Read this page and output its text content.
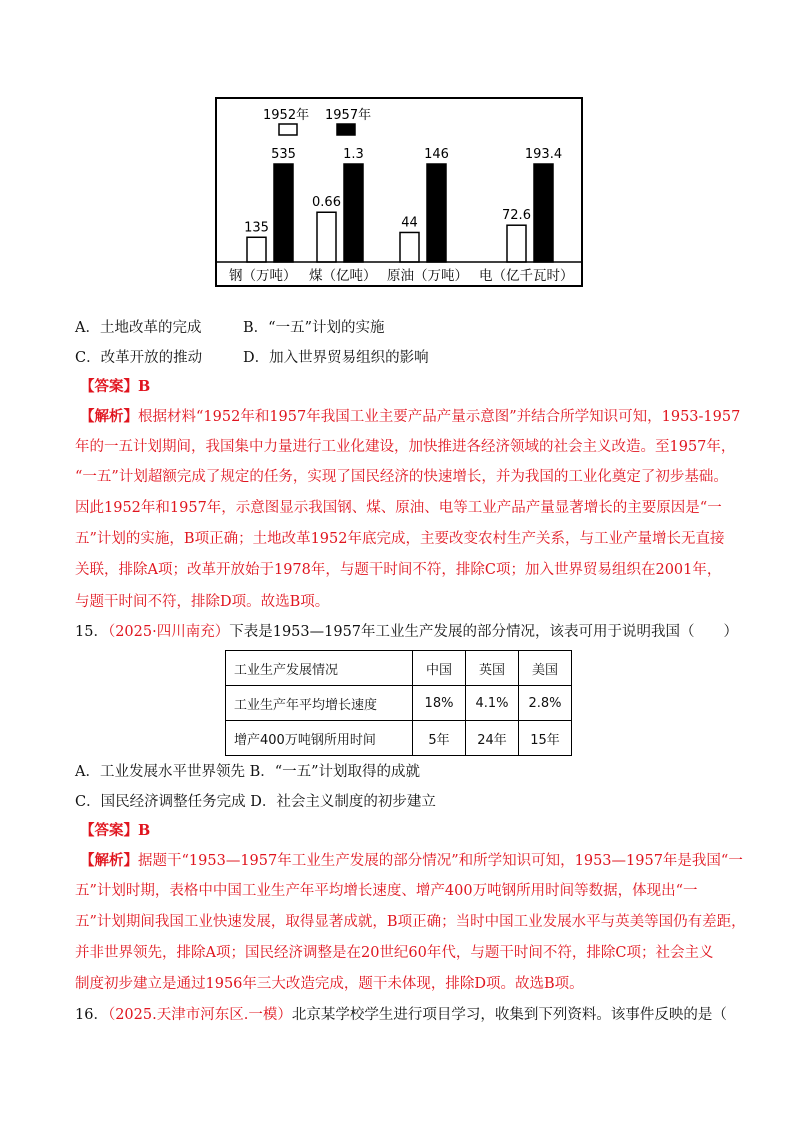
135
535
0.66
1.3
44
146
72.6
193.4
1952年 1957年
钢（万吨） 煤（亿吨） 原油（万吨） 电（亿千瓦时）
A．土地改革的完成	B．“一五”计划的实施
C．改革开放的推动	D．加入世界贸易组织的影响
【答案】B
【解析】根据材料“1952年和1957年我国工业主要产品产量示意图”并结合所学知识可知，1953-1957
年的一五计划期间，我国集中力量进行工业化建设，加快推进各经济领域的社会主义改造。至1957年，
“一五”计划超额完成了规定的任务，实现了国民经济的快速增长，并为我国的工业化奠定了初步基础。
因此1952年和1957年，示意图显示我国钢、煤、原油、电等工业产品产量显著增长的主要原因是“一
五”计划的实施，B项正确；土地改革1952年底完成，主要改变农村生产关系，与工业产量增长无直接
关联，排除A项；改革开放始于1978年，与题干时间不符，排除C项；加入世界贸易组织在2001年，
与题干时间不符，排除D项。故选B项。
15．（2025·四川南充）下表是1953—1957年工业生产发展的部分情况，该表可用于说明我国（　　）
工业生产发展情况	中国	英国	美国
工业生产年平均增长速度	18%	4.1%	2.8%
增产400万吨钢所用时间	5年	24年	15年
A．工业发展水平世界领先 B．“一五”计划取得的成就
C．国民经济调整任务完成 D．社会主义制度的初步建立
【答案】B
【解析】据题干“1953—1957年工业生产发展的部分情况”和所学知识可知，1953—1957年是我国“一
五”计划时期，表格中中国工业生产年平均增长速度、增产400万吨钢所用时间等数据，体现出“一
五”计划期间我国工业快速发展，取得显著成就，B项正确；当时中国工业发展水平与英美等国仍有差距，
并非世界领先，排除A项；国民经济调整是在20世纪60年代，与题干时间不符，排除C项；社会主义
制度初步建立是通过1956年三大改造完成，题干未体现，排除D项。故选B项。
16．（2025.天津市河东区.一模）北京某学校学生进行项目学习，收集到下列资料。该事件反映的是（
